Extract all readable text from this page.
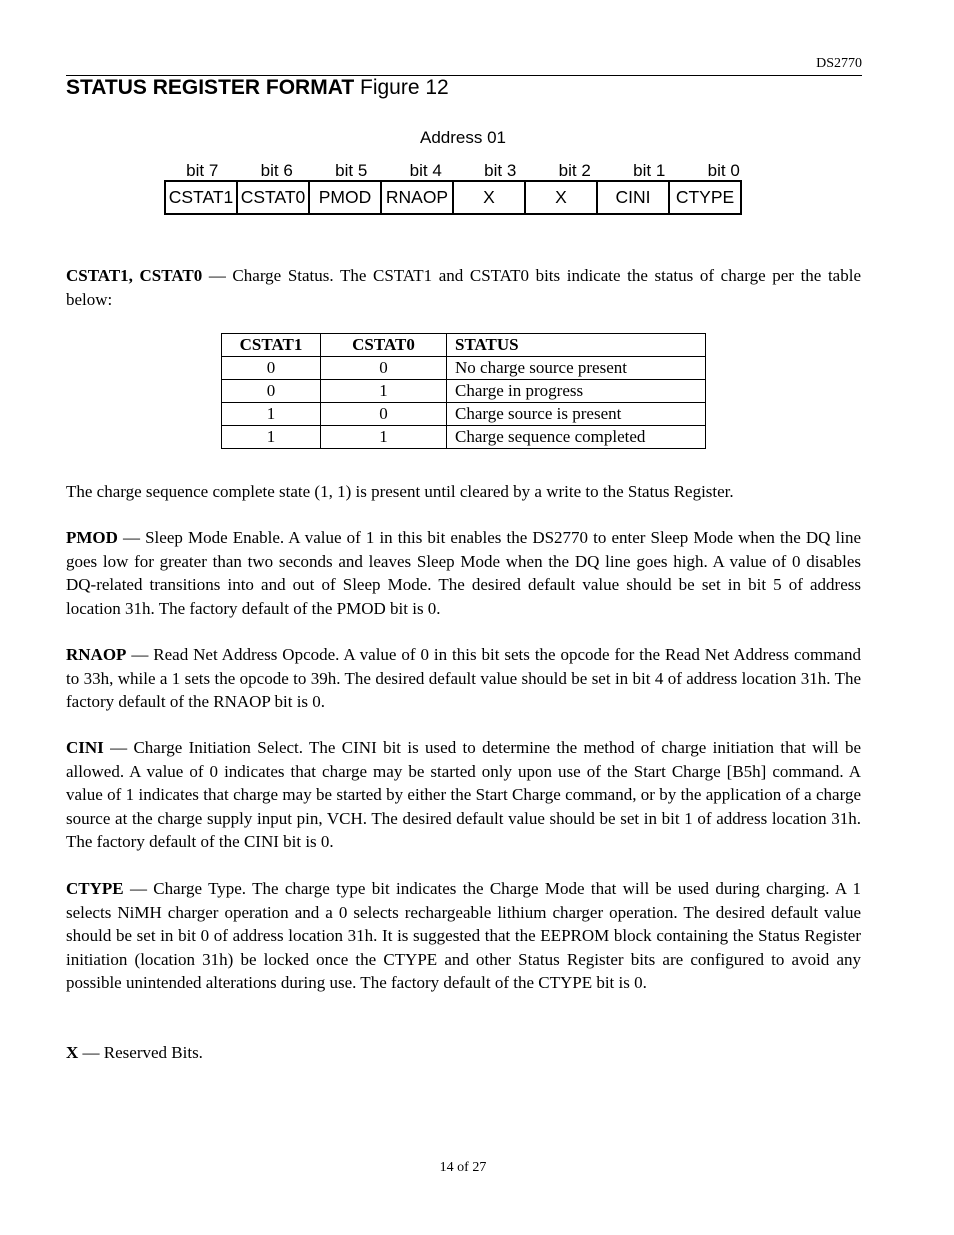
DS2770
STATUS REGISTER FORMAT Figure 12
Address 01
bit 7	bit 6	bit 5	bit 4	bit 3	bit 2	bit 1	bit 0
CSTAT1	CSTAT0	PMOD	RNAOP	X	X	CINI	CTYPE
CSTAT1, CSTAT0 — Charge Status. The CSTAT1 and CSTAT0 bits indicate the status of charge per the table below:
CSTAT1	CSTAT0	STATUS
0	0	No charge source present
0	1	Charge in progress
1	0	Charge source is present
1	1	Charge sequence completed
The charge sequence complete state (1, 1) is present until cleared by a write to the Status Register.
PMOD — Sleep Mode Enable. A value of 1 in this bit enables the DS2770 to enter Sleep Mode when the DQ line goes low for greater than two seconds and leaves Sleep Mode when the DQ line goes high. A value of 0 disables DQ-related transitions into and out of Sleep Mode. The desired default value should be set in bit 5 of address location 31h. The factory default of the PMOD bit is 0.
RNAOP — Read Net Address Opcode. A value of 0 in this bit sets the opcode for the Read Net Address command to 33h, while a 1 sets the opcode to 39h. The desired default value should be set in bit 4 of address location 31h. The factory default of the RNAOP bit is 0.
CINI — Charge Initiation Select. The CINI bit is used to determine the method of charge initiation that will be allowed. A value of 0 indicates that charge may be started only upon use of the Start Charge [B5h] command. A value of 1 indicates that charge may be started by either the Start Charge command, or by the application of a charge source at the charge supply input pin, VCH. The desired default value should be set in bit 1 of address location 31h. The factory default of the CINI bit is 0.
CTYPE — Charge Type. The charge type bit indicates the Charge Mode that will be used during charging. A 1 selects NiMH charger operation and a 0 selects rechargeable lithium charger operation. The desired default value should be set in bit 0 of address location 31h. It is suggested that the EEPROM block containing the Status Register initiation (location 31h) be locked once the CTYPE and other Status Register bits are configured to avoid any possible unintended alterations during use. The factory default of the CTYPE bit is 0.
X — Reserved Bits.
14 of 27
